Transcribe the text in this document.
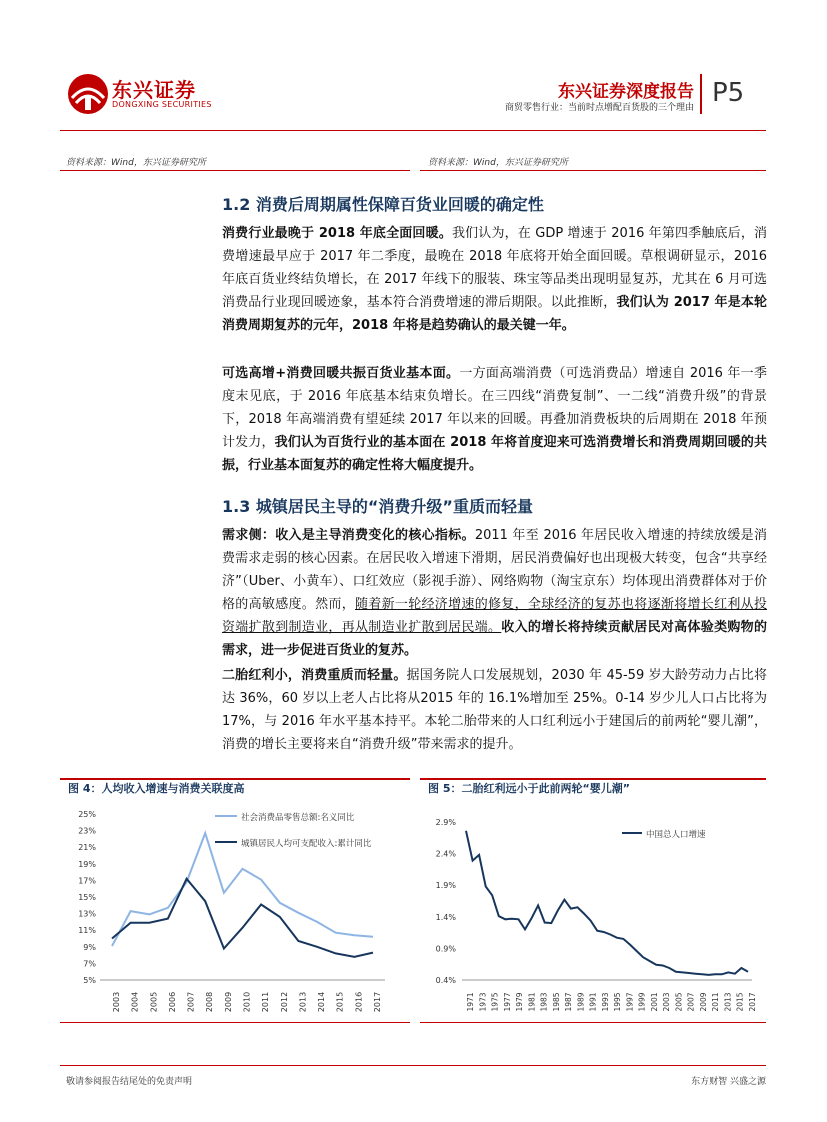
东兴证券
DONGXING SECURITIES
东兴证券深度报告
商贸零售行业：当前时点增配百货股的三个理由 P5
资料来源：Wind，东兴证券研究所	资料来源：Wind，东兴证券研究所
1.2 消费后周期属性保障百货业回暖的确定性
消费行业最晚于 2018 年底全面回暖。我们认为，在 GDP 增速于 2016 年第四季触底后，消费增速最早应于 2017 年二季度，最晚在 2018 年底将开始全面回暖。草根调研显示，2016 年底百货业终结负增长，在 2017 年线下的服装、珠宝等品类出现明显复苏，尤其在 6 月可选消费品行业现回暖迹象，基本符合消费增速的滞后期限。以此推断，我们认为 2017 年是本轮消费周期复苏的元年，2018 年将是趋势确认的最关键一年。
可选高增+消费回暖共振百货业基本面。一方面高端消费（可选消费品）增速自 2016 年一季度末见底，于 2016 年底基本结束负增长。在三四线“消费复制”、一二线“消费升级”的背景下，2018 年高端消费有望延续 2017 年以来的回暖。再叠加消费板块的后周期在 2018 年预计发力，我们认为百货行业的基本面在 2018 年将首度迎来可选消费增长和消费周期回暖的共振，行业基本面复苏的确定性将大幅度提升。
1.3 城镇居民主导的“消费升级”重质而轻量
需求侧：收入是主导消费变化的核心指标。2011 年至 2016 年居民收入增速的持续放缓是消费需求走弱的核心因素。在居民收入增速下滑期，居民消费偏好也出现极大转变，包含“共享经济”（Uber、小黄车）、口红效应（影视手游）、网络购物（淘宝京东）均体现出消费群体对于价格的高敏感度。然而，随着新一轮经济增速的修复，全球经济的复苏也将逐渐将增长红利从投资端扩散到制造业，再从制造业扩散到居民端。收入的增长将持续贡献居民对高体验类购物的需求，进一步促进百货业的复苏。
二胎红利小，消费重质而轻量。据国务院人口发展规划，2030 年 45-59 岁大龄劳动力占比将达 36%，60 岁以上老人占比将从2015 年的 16.1%增加至 25%。0-14 岁少儿人口占比将为 17%，与 2016 年水平基本持平。本轮二胎带来的人口红利远小于建国后的前两轮“婴儿潮”，消费的增长主要将来自“消费升级”带来需求的提升。
图 4：人均收入增速与消费关联度高	图 5：二胎红利远小于此前两轮“婴儿潮”
5%
7%
9%
11%
13%
15%
17%
19%
21%
23%
25%
2003 2004 2005 2006 2007 2008 2009 2010 2011 2012 2013 2014 2015 2016 2017
社会消费品零售总额:名义同比
城镇居民人均可支配收入:累计同比
0.4%
0.9%
1.4%
1.9%
2.4%
2.9%
1971 1973 1975 1977 1979 1981 1983 1985 1987 1989 1991 1993 1995 1997 1999 2001 2003 2005 2007 2009 2011 2013 2015 2017
中国总人口增速
敬请参阅报告结尾处的免责声明	东方财智 兴盛之源
